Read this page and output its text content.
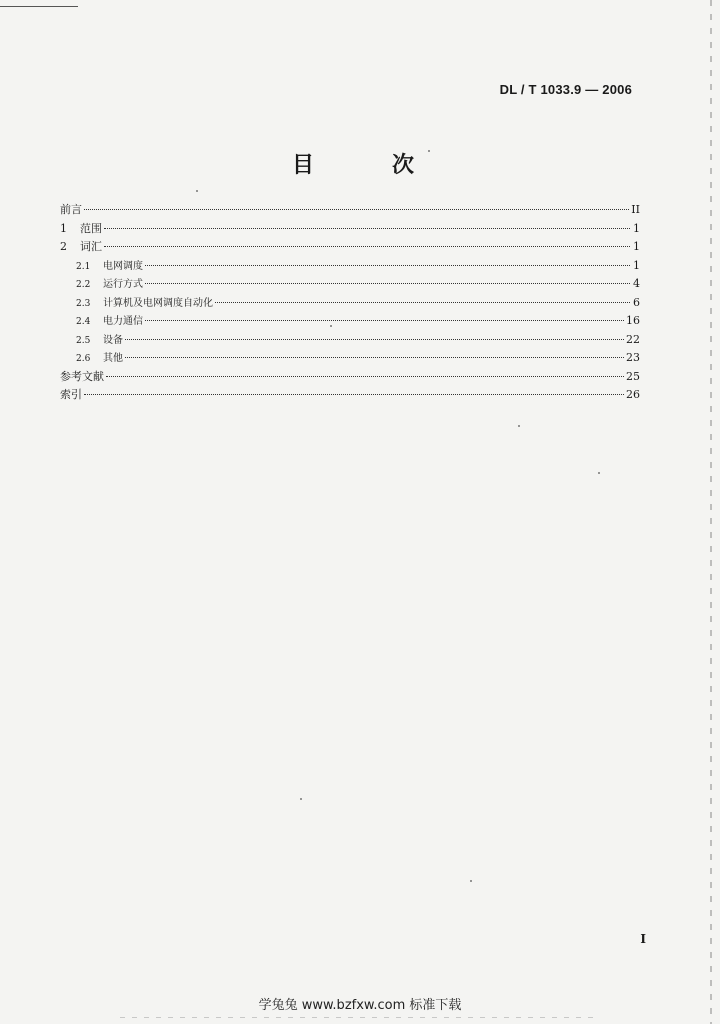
DL / T 1033.9 — 2006
目　次
前言	II
1	范围	1
2	词汇	1
2.1	电网调度	1
2.2	运行方式	4
2.3	计算机及电网调度自动化	6
2.4	电力通信	16
2.5	设备	22
2.6	其他	23
参考文献	25
索引	26
I
学兔兔 www.bzfxw.com 标准下载
